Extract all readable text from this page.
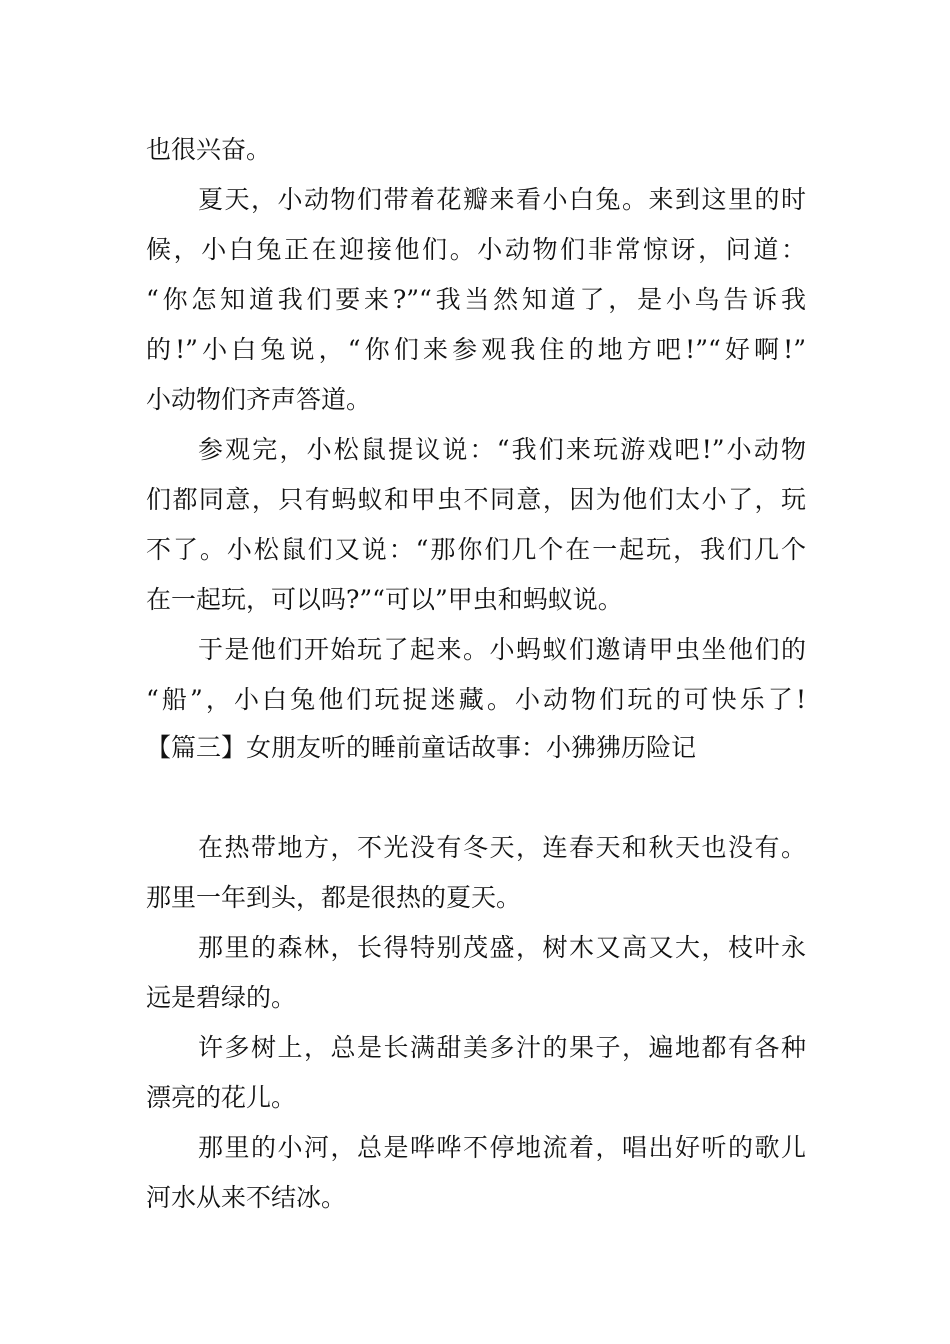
也很兴奋。
夏天，小动物们带着花瓣来看小白兔。来到这里的时
候，小白兔正在迎接他们。小动物们非常惊讶，问道：
“你怎知道我们要来?”“我当然知道了，是小鸟告诉我
的!”小白兔说，“你们来参观我住的地方吧!”“好啊!”
小动物们齐声答道。
参观完，小松鼠提议说：“我们来玩游戏吧!”小动物
们都同意，只有蚂蚁和甲虫不同意，因为他们太小了，玩
不了。小松鼠们又说：“那你们几个在一起玩，我们几个
在一起玩，可以吗?”“可以”甲虫和蚂蚁说。
于是他们开始玩了起来。小蚂蚁们邀请甲虫坐他们的
“船”，小白兔他们玩捉迷藏。小动物们玩的可快乐了!
【篇三】女朋友听的睡前童话故事：小狒狒历险记
在热带地方，不光没有冬天，连春天和秋天也没有。
那里一年到头，都是很热的夏天。
那里的森林，长得特别茂盛，树木又高又大，枝叶永
远是碧绿的。
许多树上，总是长满甜美多汁的果子，遍地都有各种
漂亮的花儿。
那里的小河，总是哗哗不停地流着，唱出好听的歌儿
河水从来不结冰。
